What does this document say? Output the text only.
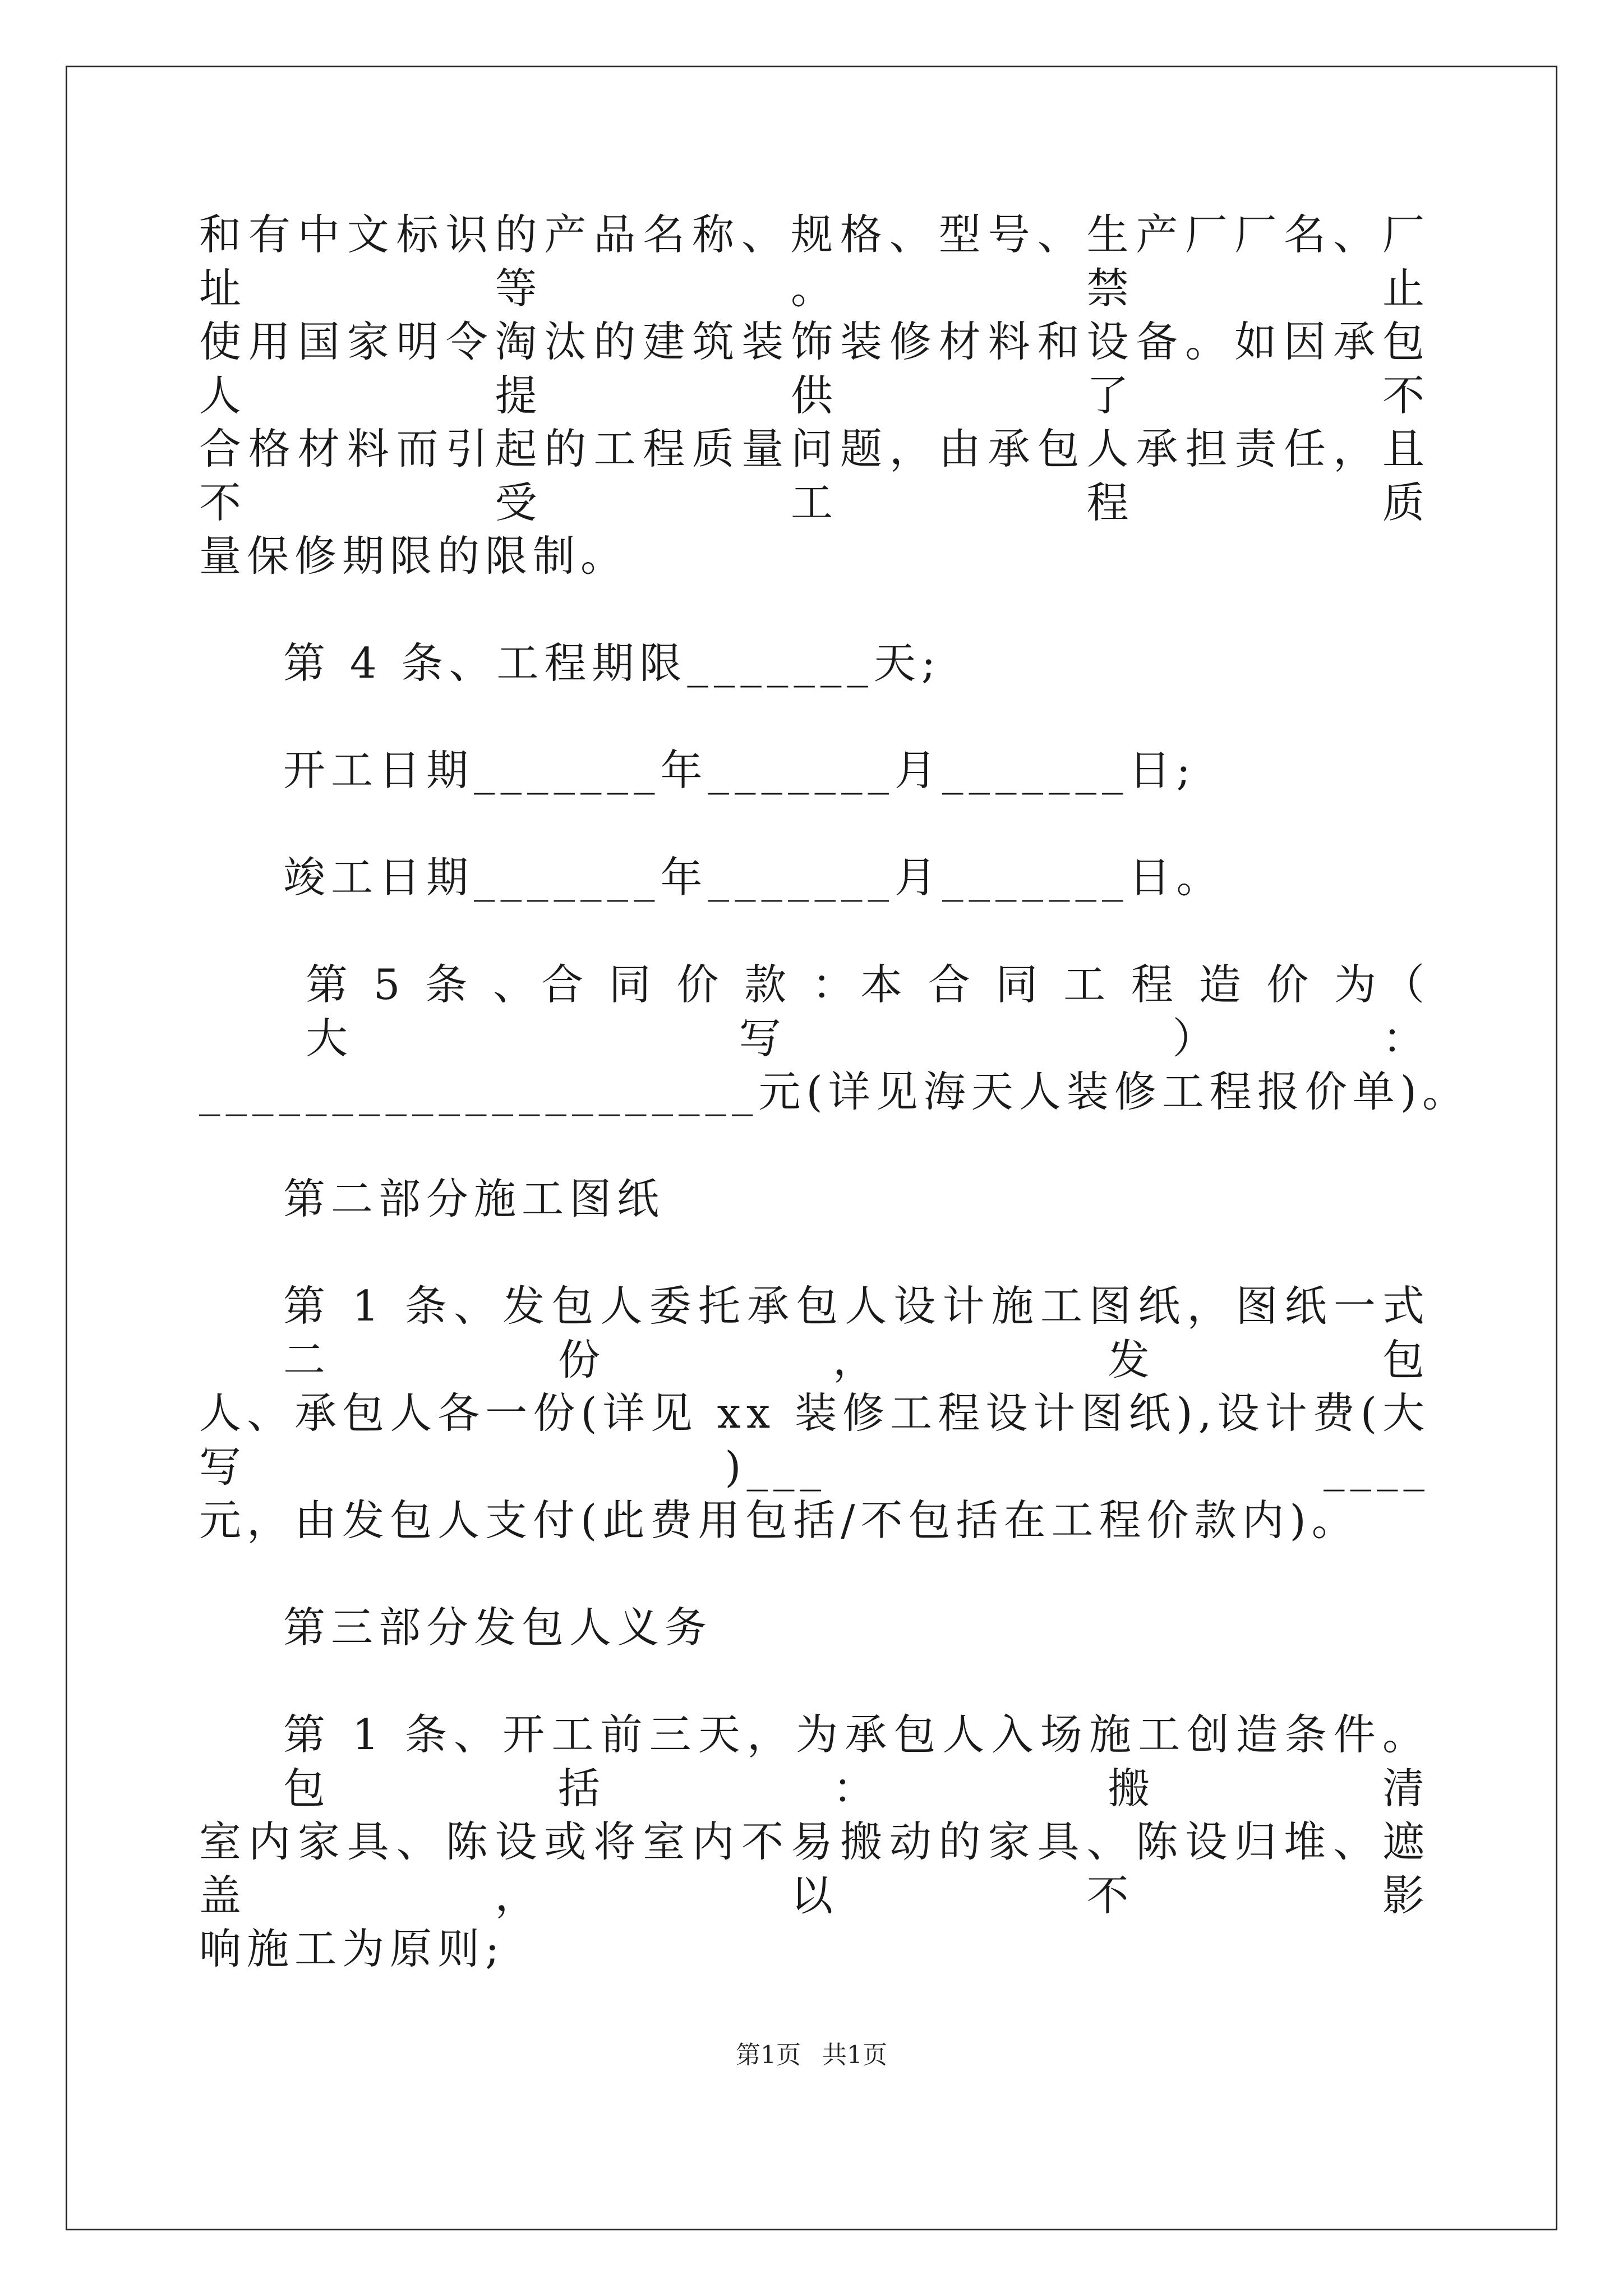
和有中文标识的产品名称、规格、型号、生产厂厂名、厂址等。禁止
使用国家明令淘汰的建筑装饰装修材料和设备。如因承包人提供了不
合格材料而引起的工程质量问题，由承包人承担责任，且不受工程质
量保修期限的限制。
第 4 条、工程期限_______天;
开工日期_______年_______月_______日;
竣工日期_______年_______月_______日。
第 5 条 、合 同 价 款 ：本 合 同 工 程 造 价 为（ 大 写 ）：
_____________________元(详见海天人装修工程报价单)。
第二部分施工图纸
第 1 条、发包人委托承包人设计施工图纸，图纸一式二份，发包
人、承包人各一份(详见 xx 装修工程设计图纸),设计费(大写)___ ____
元，由发包人支付(此费用包括/不包括在工程价款内)。
第三部分发包人义务
第 1 条、开工前三天，为承包人入场施工创造条件。包括：搬清
室内家具、陈设或将室内不易搬动的家具、陈设归堆、遮盖，以不影
响施工为原则;
第1页 共1页
